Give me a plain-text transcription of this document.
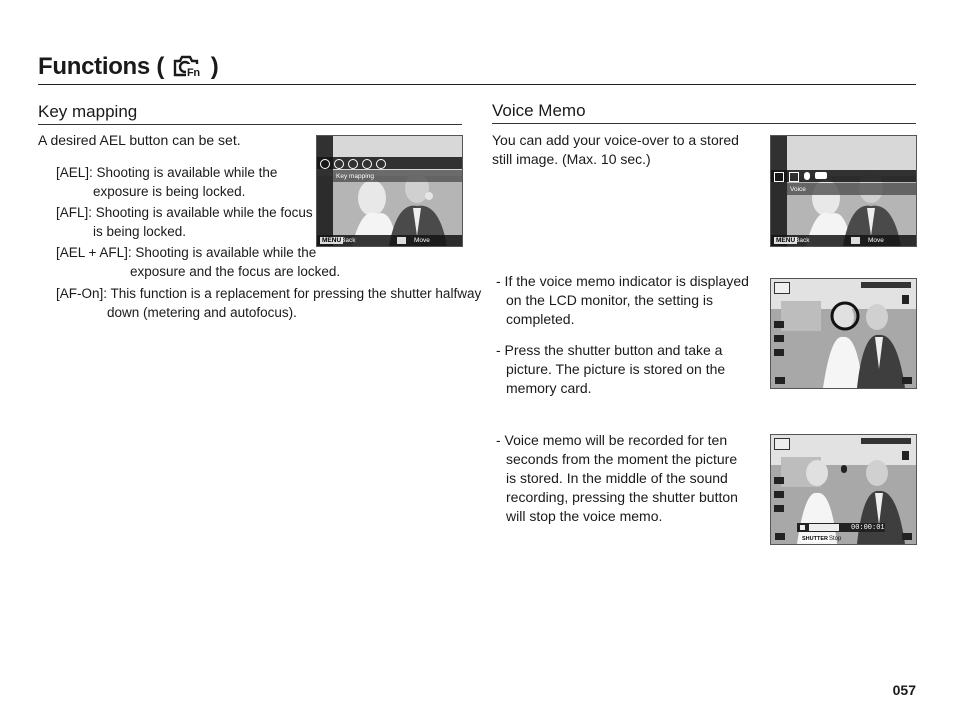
Functions ( Fn )
Key mapping
A desired AEL button can be set.
[AEL]: Shooting is available while the
exposure is being locked.
[AFL]: Shooting is available while the focus
is being locked.
[AEL + AFL]: Shooting is available while the
exposure and the focus are locked.
[AF-On]: This function is a replacement for pressing the shutter halfway
down (metering and autofocus).
Key mapping
MENU Back	Move
Voice Memo
You can add your voice-over to a stored
still image. (Max. 10 sec.)
Voice
MENU Back	Move
- If the voice memo indicator is displayed
on the LCD monitor, the setting is
completed.
- Press the shutter button and take a
picture. The picture is stored on the
memory card.
- Voice memo will be recorded for ten
seconds from the moment the picture
is stored. In the middle of the sound
recording, pressing the shutter button
will stop the voice memo.
00:00:01
SHUTTER Stop
057
